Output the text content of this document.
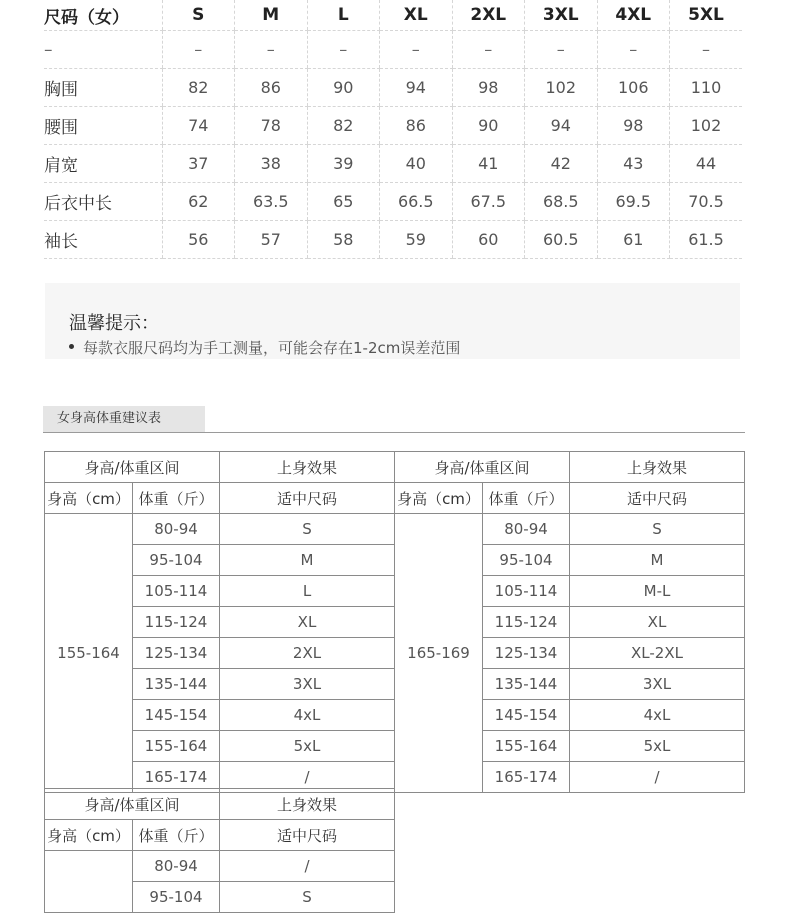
尺码（女）	S	M	L	XL	2XL	3XL	4XL	5XL
–	–	–	–	–	–	–	–	–
胸围	82	86	90	94	98	102	106	110
腰围	74	78	82	86	90	94	98	102
肩宽	37	38	39	40	41	42	43	44
后衣中长	62	63.5	65	66.5	67.5	68.5	69.5	70.5
袖长	56	57	58	59	60	60.5	61	61.5
温馨提示：
每款衣服尺码均为手工测量，可能会存在1-2cm误差范围
女身高体重建议表
身高/体重区间		上身效果
身高（cm）	体重（斤）	适中尺码
155-164	80-94	S
	95-104	M
	105-114	L
	115-124	XL
	125-134	2XL
	135-144	3XL
	145-154	4xL
	155-164	5xL
	165-174	/
身高/体重区间		上身效果
身高（cm）	体重（斤）	适中尺码
165-169	80-94	S
	95-104	M
	105-114	M-L
	115-124	XL
	125-134	XL-2XL
	135-144	3XL
	145-154	4xL
	155-164	5xL
	165-174	/
身高/体重区间		上身效果
身高（cm）	体重（斤）	适中尺码
	80-94	/
	95-104	S
